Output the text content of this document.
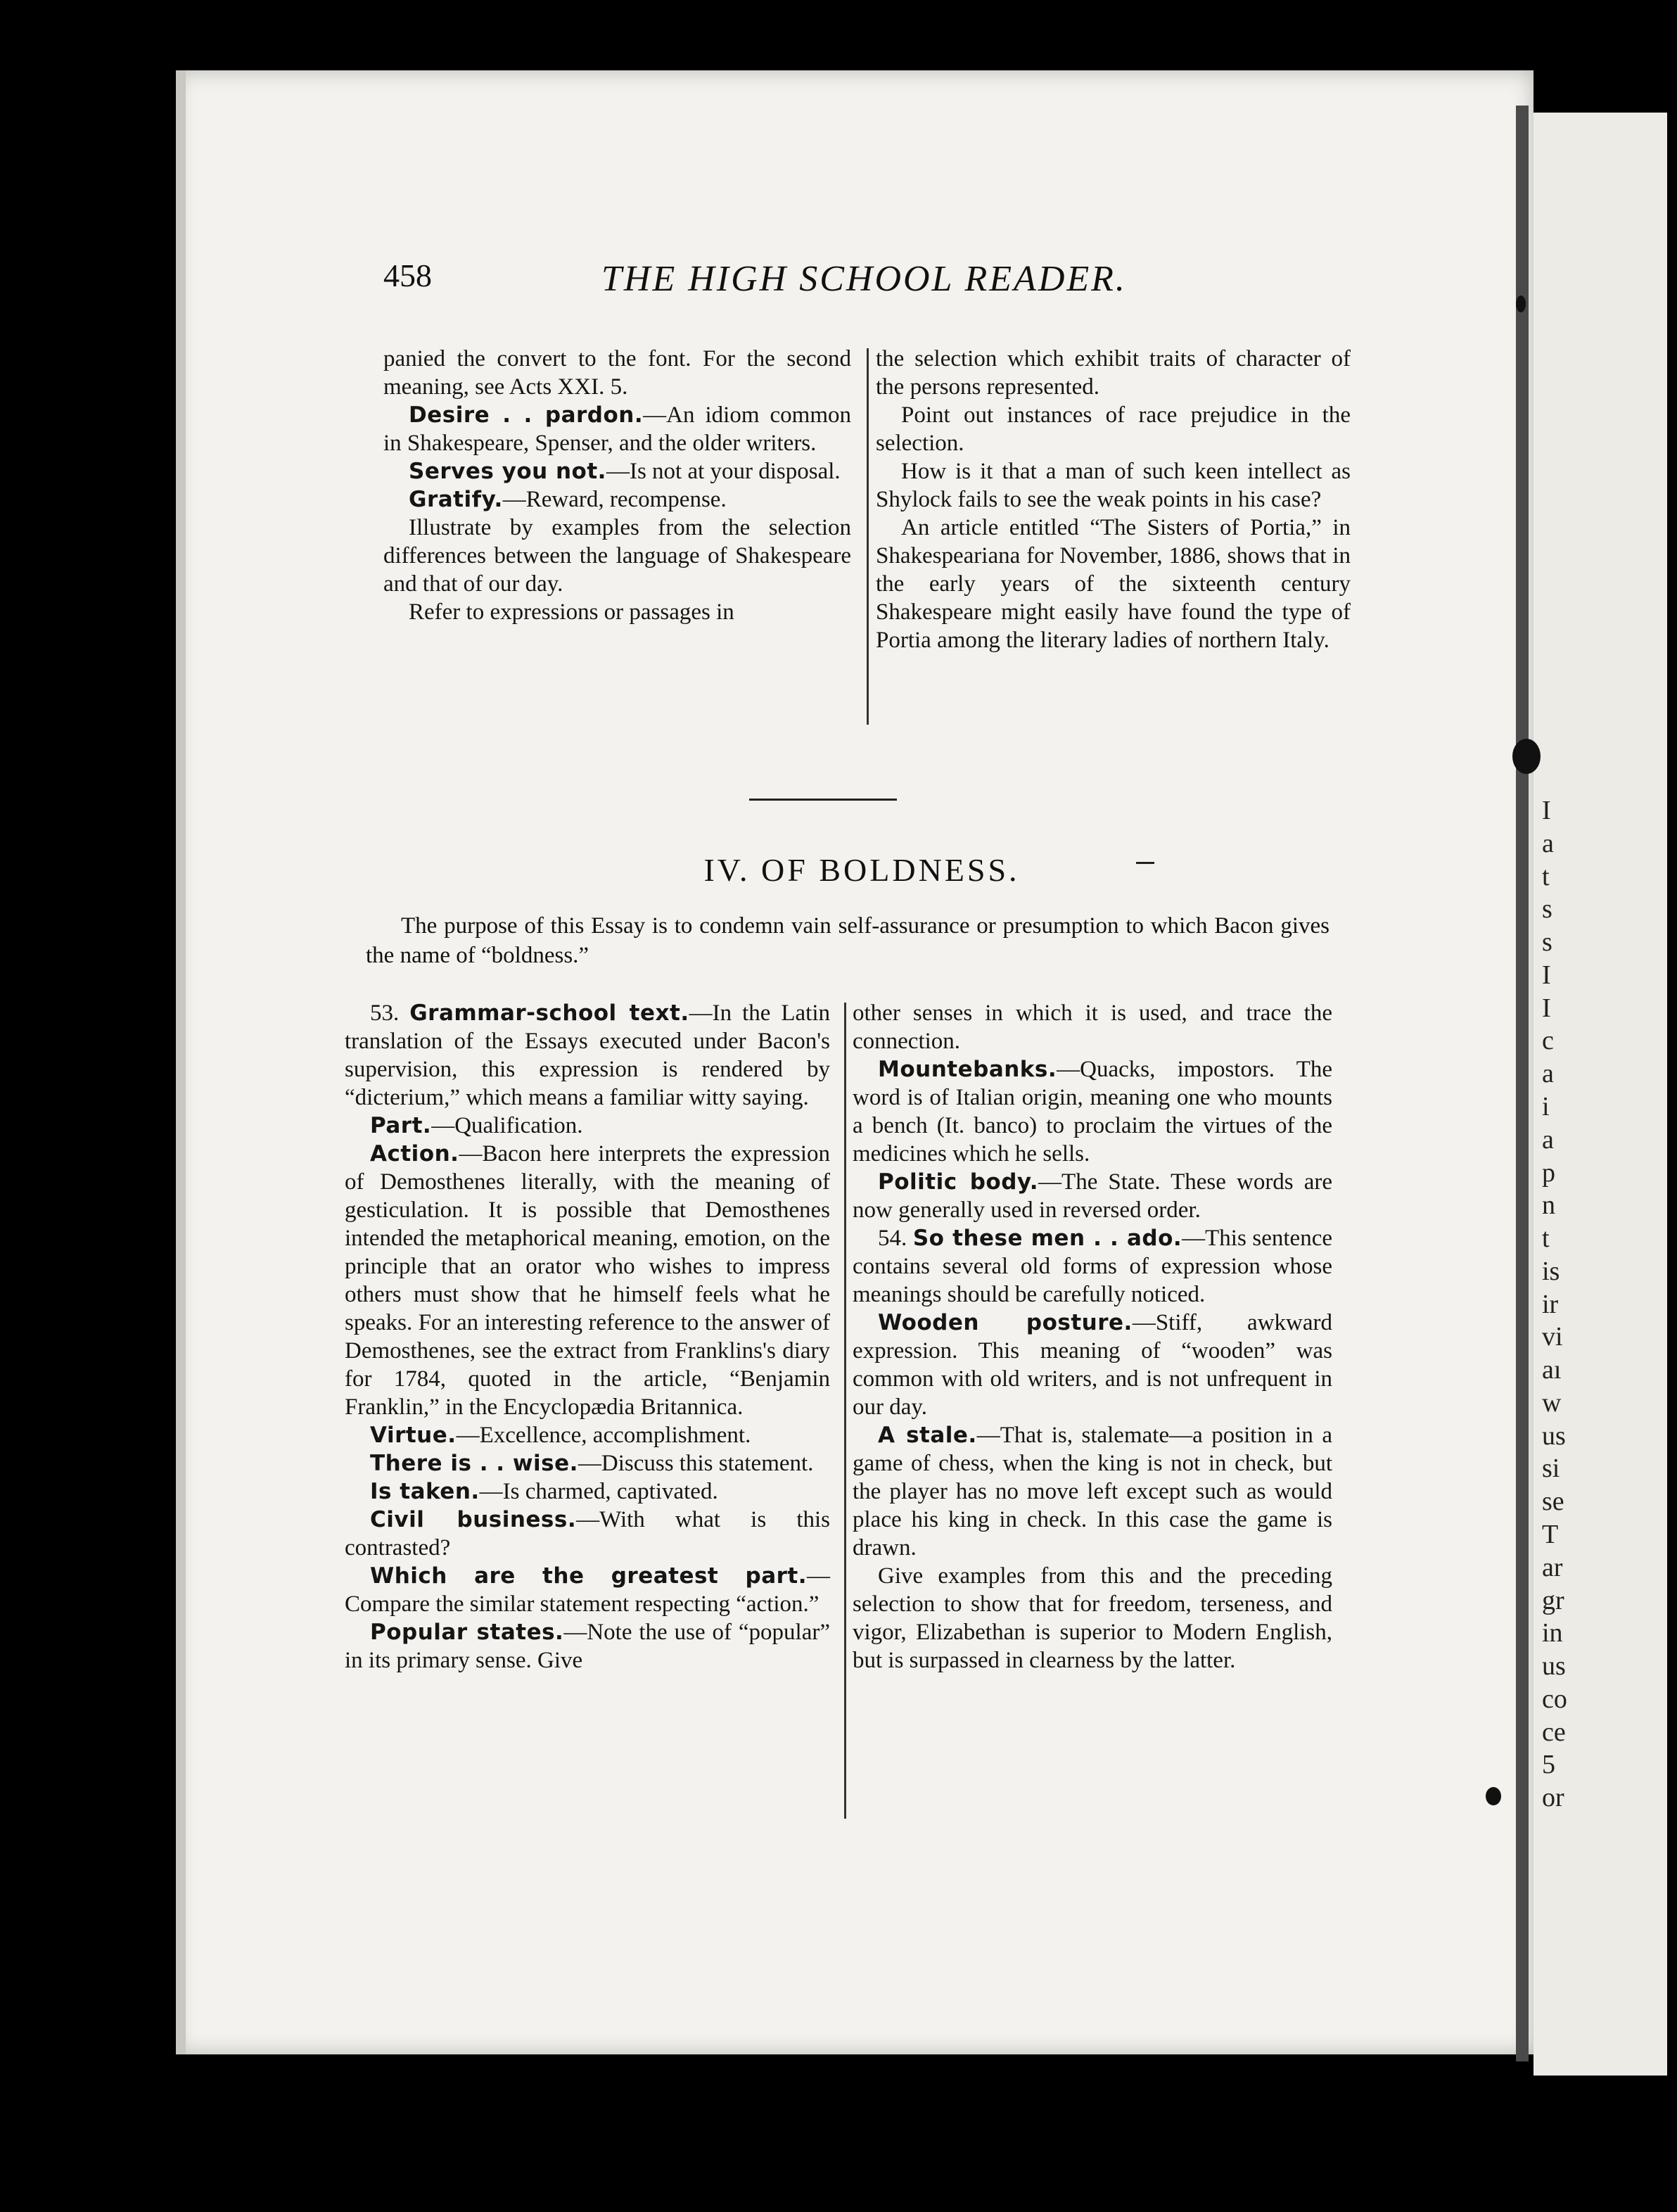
I
a
t
s
s
I
I
c
a
i
a
p
n
t
is
ir
vi
aı
w
us
si
se
T
ar
gr
in
us
co
ce
5
or
458	THE HIGH SCHOOL READER.

panied the convert to the font. For the second meaning, see Acts XXI. 5.

Desire . . pardon.—An idiom common in Shakespeare, Spenser, and the older writers.

Serves you not.—Is not at your disposal.

Gratify.—Reward, recompense.

Illustrate by examples from the selection differences between the language of Shakespeare and that of our day.

Refer to expressions or passages in

the selection which exhibit traits of character of the persons represented.

Point out instances of race prejudice in the selection.

How is it that a man of such keen intellect as Shylock fails to see the weak points in his case?

An article entitled “The Sisters of Portia,” in Shakespeariana for November, 1886, shows that in the early years of the sixteenth century Shakespeare might easily have found the type of Portia among the literary ladies of northern Italy.

IV. OF BOLDNESS.
The purpose of this Essay is to condemn vain self-assurance or presumption to which Bacon gives the name of “boldness.”

53. Grammar-school text.—In the Latin translation of the Essays executed under Bacon's supervision, this expression is rendered by “dicterium,” which means a familiar witty saying.

Part.—Qualification.

Action.—Bacon here interprets the expression of Demosthenes literally, with the meaning of gesticulation. It is possible that Demosthenes intended the metaphorical meaning, emotion, on the principle that an orator who wishes to impress others must show that he himself feels what he speaks. For an interesting reference to the answer of Demosthenes, see the extract from Franklins's diary for 1784, quoted in the article, “Benjamin Franklin,” in the Encyclopædia Britannica.

Virtue.—Excellence, accomplishment.

There is . . wise.—Discuss this statement.

Is taken.—Is charmed, captivated.

Civil business.—With what is this contrasted?

Which are the greatest part.—Compare the similar statement respecting “action.”

Popular states.—Note the use of “popular” in its primary sense. Give

other senses in which it is used, and trace the connection.

Mountebanks.—Quacks, impostors. The word is of Italian origin, meaning one who mounts a bench (It. banco) to proclaim the virtues of the medicines which he sells.

Politic body.—The State. These words are now generally used in reversed order.

54. So these men . . ado.—This sentence contains several old forms of expression whose meanings should be carefully noticed.

Wooden posture.—Stiff, awkward expression. This meaning of “wooden” was common with old writers, and is not unfrequent in our day.

A stale.—That is, stalemate—a position in a game of chess, when the king is not in check, but the player has no move left except such as would place his king in check. In this case the game is drawn.

Give examples from this and the preceding selection to show that for freedom, terseness, and vigor, Elizabethan is superior to Modern English, but is surpassed in clearness by the latter.
